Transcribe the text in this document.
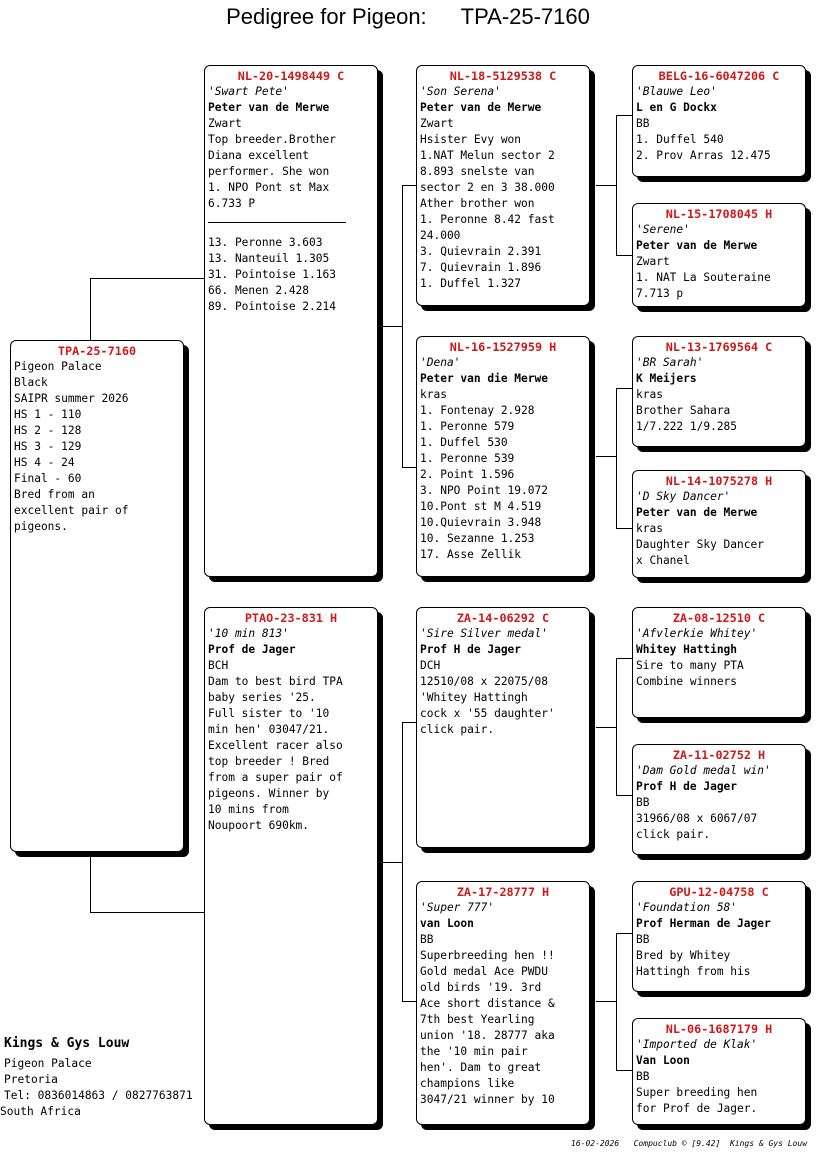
Pedigree for Pigeon: TPA-25-7160
TPA-25-7160
Pigeon Palace
Black
SAIPR summer 2026
HS 1 - 110
HS 2 - 128
HS 3 - 129
HS 4 - 24
Final - 60
Bred from an
excellent pair of
pigeons.
NL-20-1498449 C
'Swart Pete'
Peter van de Merwe
Zwart
Top breeder.Brother
Diana excellent
performer. She won
1. NPO Pont st Max
6.733 P
13. Peronne 3.603
13. Nanteuil 1.305
31. Pointoise 1.163
66. Menen 2.428
89. Pointoise 2.214
PTAO-23-831 H
'10 min 813'
Prof de Jager
BCH
Dam to best bird TPA
baby series '25.
Full sister to '10
min hen' 03047/21.
Excellent racer also
top breeder ! Bred
from a super pair of
pigeons. Winner by
10 mins from
Noupoort 690km.
NL-18-5129538 C
'Son Serena'
Peter van de Merwe
Zwart
Hsister Evy won
1.NAT Melun sector 2
8.893 snelste van
sector 2 en 3 38.000
Ather brother won
1. Peronne 8.42 fast
24.000
3. Quievrain 2.391
7. Quievrain 1.896
1. Duffel 1.327
NL-16-1527959 H
'Dena'
Peter van die Merwe
kras
1. Fontenay 2.928
1. Peronne 579
1. Duffel 530
1. Peronne 539
2. Point 1.596
3. NPO Point 19.072
10.Pont st M 4.519
10.Quievrain 3.948
10. Sezanne 1.253
17. Asse Zellik
ZA-14-06292 C
'Sire Silver medal'
Prof H de Jager
DCH
12510/08 x 22075/08
'Whitey Hattingh
cock x '55 daughter'
click pair.
ZA-17-28777 H
'Super 777'
van Loon
BB
Superbreeding hen !!
Gold medal Ace PWDU
old birds '19. 3rd
Ace short distance &
7th best Yearling
union '18. 28777 aka
the '10 min pair
hen'. Dam to great
champions like
3047/21 winner by 10
BELG-16-6047206 C
'Blauwe Leo'
L en G Dockx
BB
1. Duffel 540
2. Prov Arras 12.475
NL-15-1708045 H
'Serene'
Peter van de Merwe
Zwart
1. NAT La Souteraine
7.713 p
NL-13-1769564 C
'BR Sarah'
K Meijers
kras
Brother Sahara
1/7.222 1/9.285
NL-14-1075278 H
'D Sky Dancer'
Peter van de Merwe
kras
Daughter Sky Dancer
x Chanel
ZA-08-12510 C
'Afvlerkie Whitey'
Whitey Hattingh
Sire to many PTA
Combine winners
ZA-11-02752 H
'Dam Gold medal win'
Prof H de Jager
BB
31966/08 x 6067/07
click pair.
GPU-12-04758 C
'Foundation 58'
Prof Herman de Jager
BB
Bred by Whitey
Hattingh from his
NL-06-1687179 H
'Imported de Klak'
Van Loon
BB
Super breeding hen
for Prof de Jager.
Kings & Gys Louw
Pigeon Palace
Pretoria
Tel: 0836014863 / 0827763871
South Africa
16-02-2026   Compuclub © [9.42]  Kings & Gys Louw
